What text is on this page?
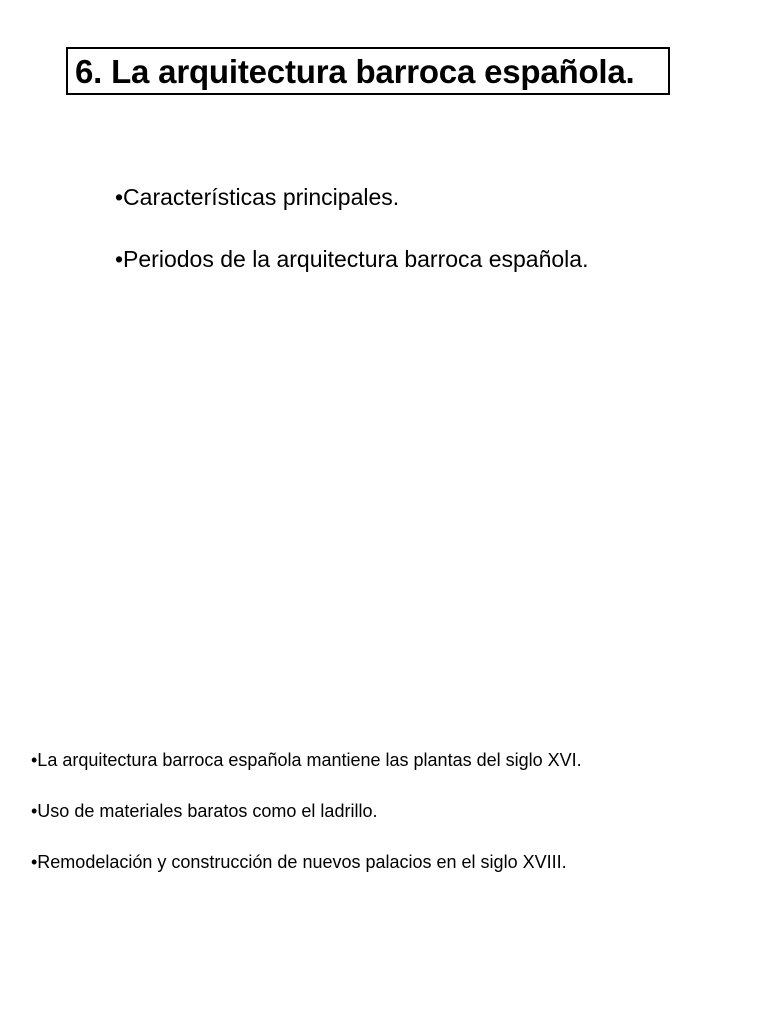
6. La arquitectura barroca española.
•Características principales.
•Periodos de la arquitectura barroca española.
•La arquitectura barroca española mantiene las plantas del siglo XVI.
•Uso de materiales baratos como el ladrillo.
•Remodelación y construcción de nuevos palacios en el siglo XVIII.
